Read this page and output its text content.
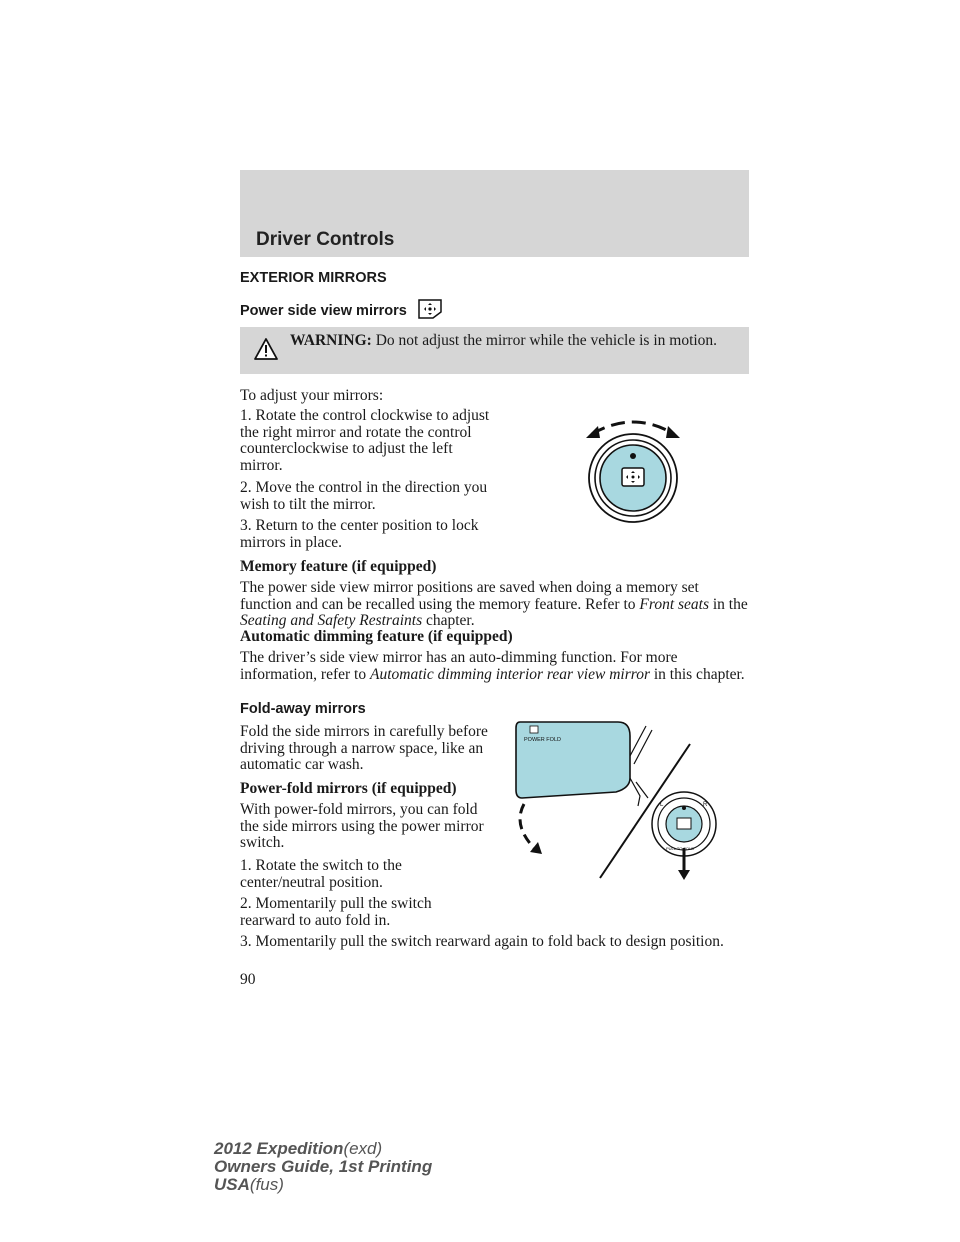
Driver Controls
EXTERIOR MIRRORS
Power side view mirrors
WARNING: Do not adjust the mirror while the vehicle is in motion.
To adjust your mirrors:
1. Rotate the control clockwise to adjust the right mirror and rotate the control counterclockwise to adjust the left mirror.
2. Move the control in the direction you wish to tilt the mirror.
3. Return to the center position to lock mirrors in place.
Memory feature (if equipped)
The power side view mirror positions are saved when doing a memory set function and can be recalled using the memory feature. Refer to Front seats in the Seating and Safety Restraints chapter.
Automatic dimming feature (if equipped)
The driver’s side view mirror has an auto-dimming function. For more information, refer to Automatic dimming interior rear view mirror in this chapter.
Fold-away mirrors
Fold the side mirrors in carefully before driving through a narrow space, like an automatic car wash.
Power-fold mirrors (if equipped)
With power-fold mirrors, you can fold the side mirrors using the power mirror switch.
1. Rotate the switch to the center/neutral position.
2. Momentarily pull the switch rearward to auto fold in.
3. Momentarily pull the switch rearward again to fold back to design position.
POWER FOLD
L	R
PULL TO FOLD
90
2012 Expedition(exd)
Owners Guide, 1st Printing
USA(fus)
